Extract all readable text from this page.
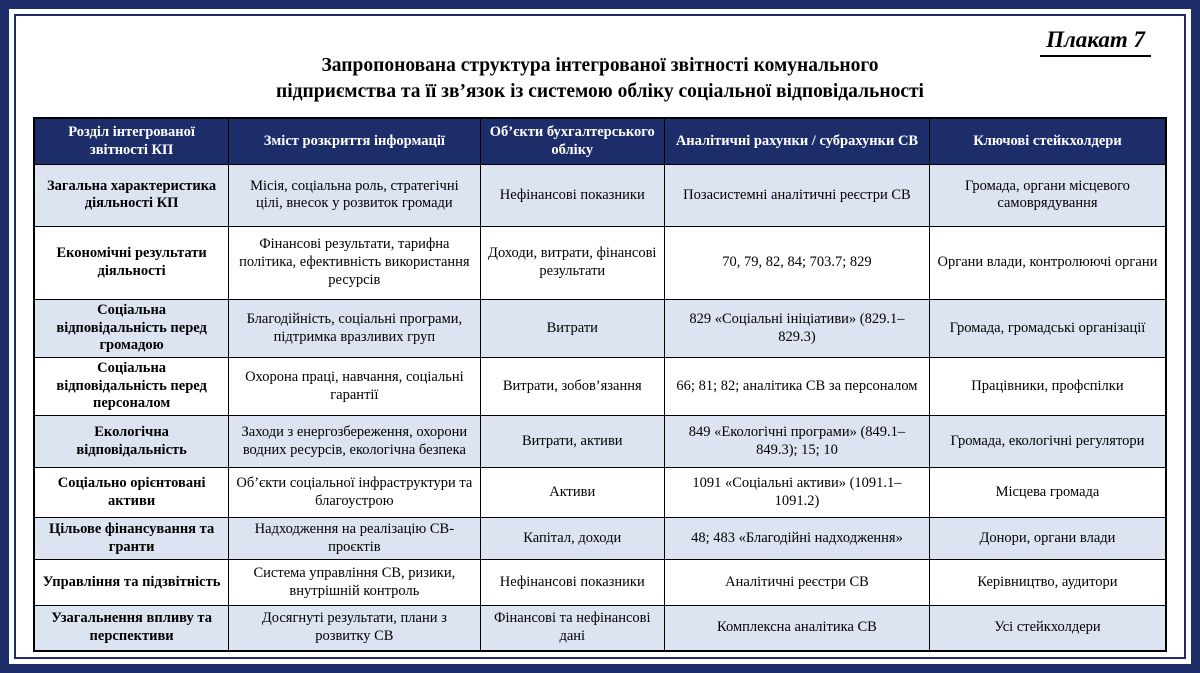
Плакат 7
Запропонована структура інтегрованої звітності комунального
підприємства та її зв’язок із системою обліку соціальної відповідальності
Розділ інтегрованої звітності КП	Зміст розкриття інформації	Об’єкти бухгалтерського обліку	Аналітичні рахунки / субрахунки СВ	Ключові стейкхолдери
Загальна характеристика діяльності КП	Місія, соціальна роль, стратегічні цілі, внесок у розвиток громади	Нефінансові показники	Позасистемні аналітичні реєстри СВ	Громада, органи місцевого самоврядування
Економічні результати діяльності	Фінансові результати, тарифна політика, ефективність використання ресурсів	Доходи, витрати, фінансові результати	70, 79, 82, 84; 703.7; 829	Органи влади, контролюючі органи
Соціальна відповідальність перед громадою	Благодійність, соціальні програми, підтримка вразливих груп	Витрати	829 «Соціальні ініціативи» (829.1–829.3)	Громада, громадські організації
Соціальна відповідальність перед персоналом	Охорона праці, навчання, соціальні гарантії	Витрати, зобов’язання	66; 81; 82; аналітика СВ за персоналом	Працівники, профспілки
Екологічна відповідальність	Заходи з енергозбереження, охорони водних ресурсів, екологічна безпека	Витрати, активи	849 «Екологічні програми» (849.1–849.3); 15; 10	Громада, екологічні регулятори
Соціально орієнтовані активи	Об’єкти соціальної інфраструктури та благоустрою	Активи	1091 «Соціальні активи» (1091.1–1091.2)	Місцева громада
Цільове фінансування та гранти	Надходження на реалізацію СВ-проєктів	Капітал, доходи	48; 483 «Благодійні надходження»	Донори, органи влади
Управління та підзвітність	Система управління СВ, ризики, внутрішній контроль	Нефінансові показники	Аналітичні реєстри СВ	Керівництво, аудитори
Узагальнення впливу та перспективи	Досягнуті результати, плани з розвитку СВ	Фінансові та нефінансові дані	Комплексна аналітика СВ	Усі стейкхолдери
